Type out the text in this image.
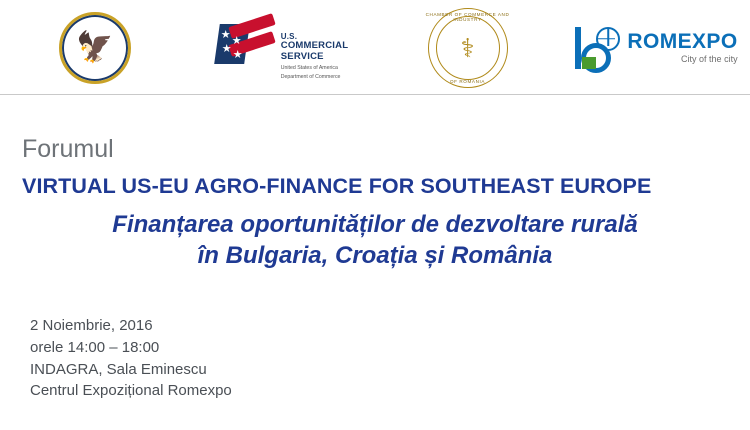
🦅	★ ★
★ ★
U.S.
COMMERCIAL
SERVICE
United States of America
Department of Commerce
CHAMBER OF COMMERCE AND INDUSTRY
⚕
OF ROMANIA
ROMEXPO
City of the city
Forumul
VIRTUAL US-EU AGRO-FINANCE FOR SOUTHEAST EUROPE
Finanțarea oportunităților de dezvoltare rurală
în Bulgaria, Croația și România
2 Noiembrie, 2016
orele 14:00 – 18:00
INDAGRA, Sala Eminescu
Centrul Expozițional Romexpo
